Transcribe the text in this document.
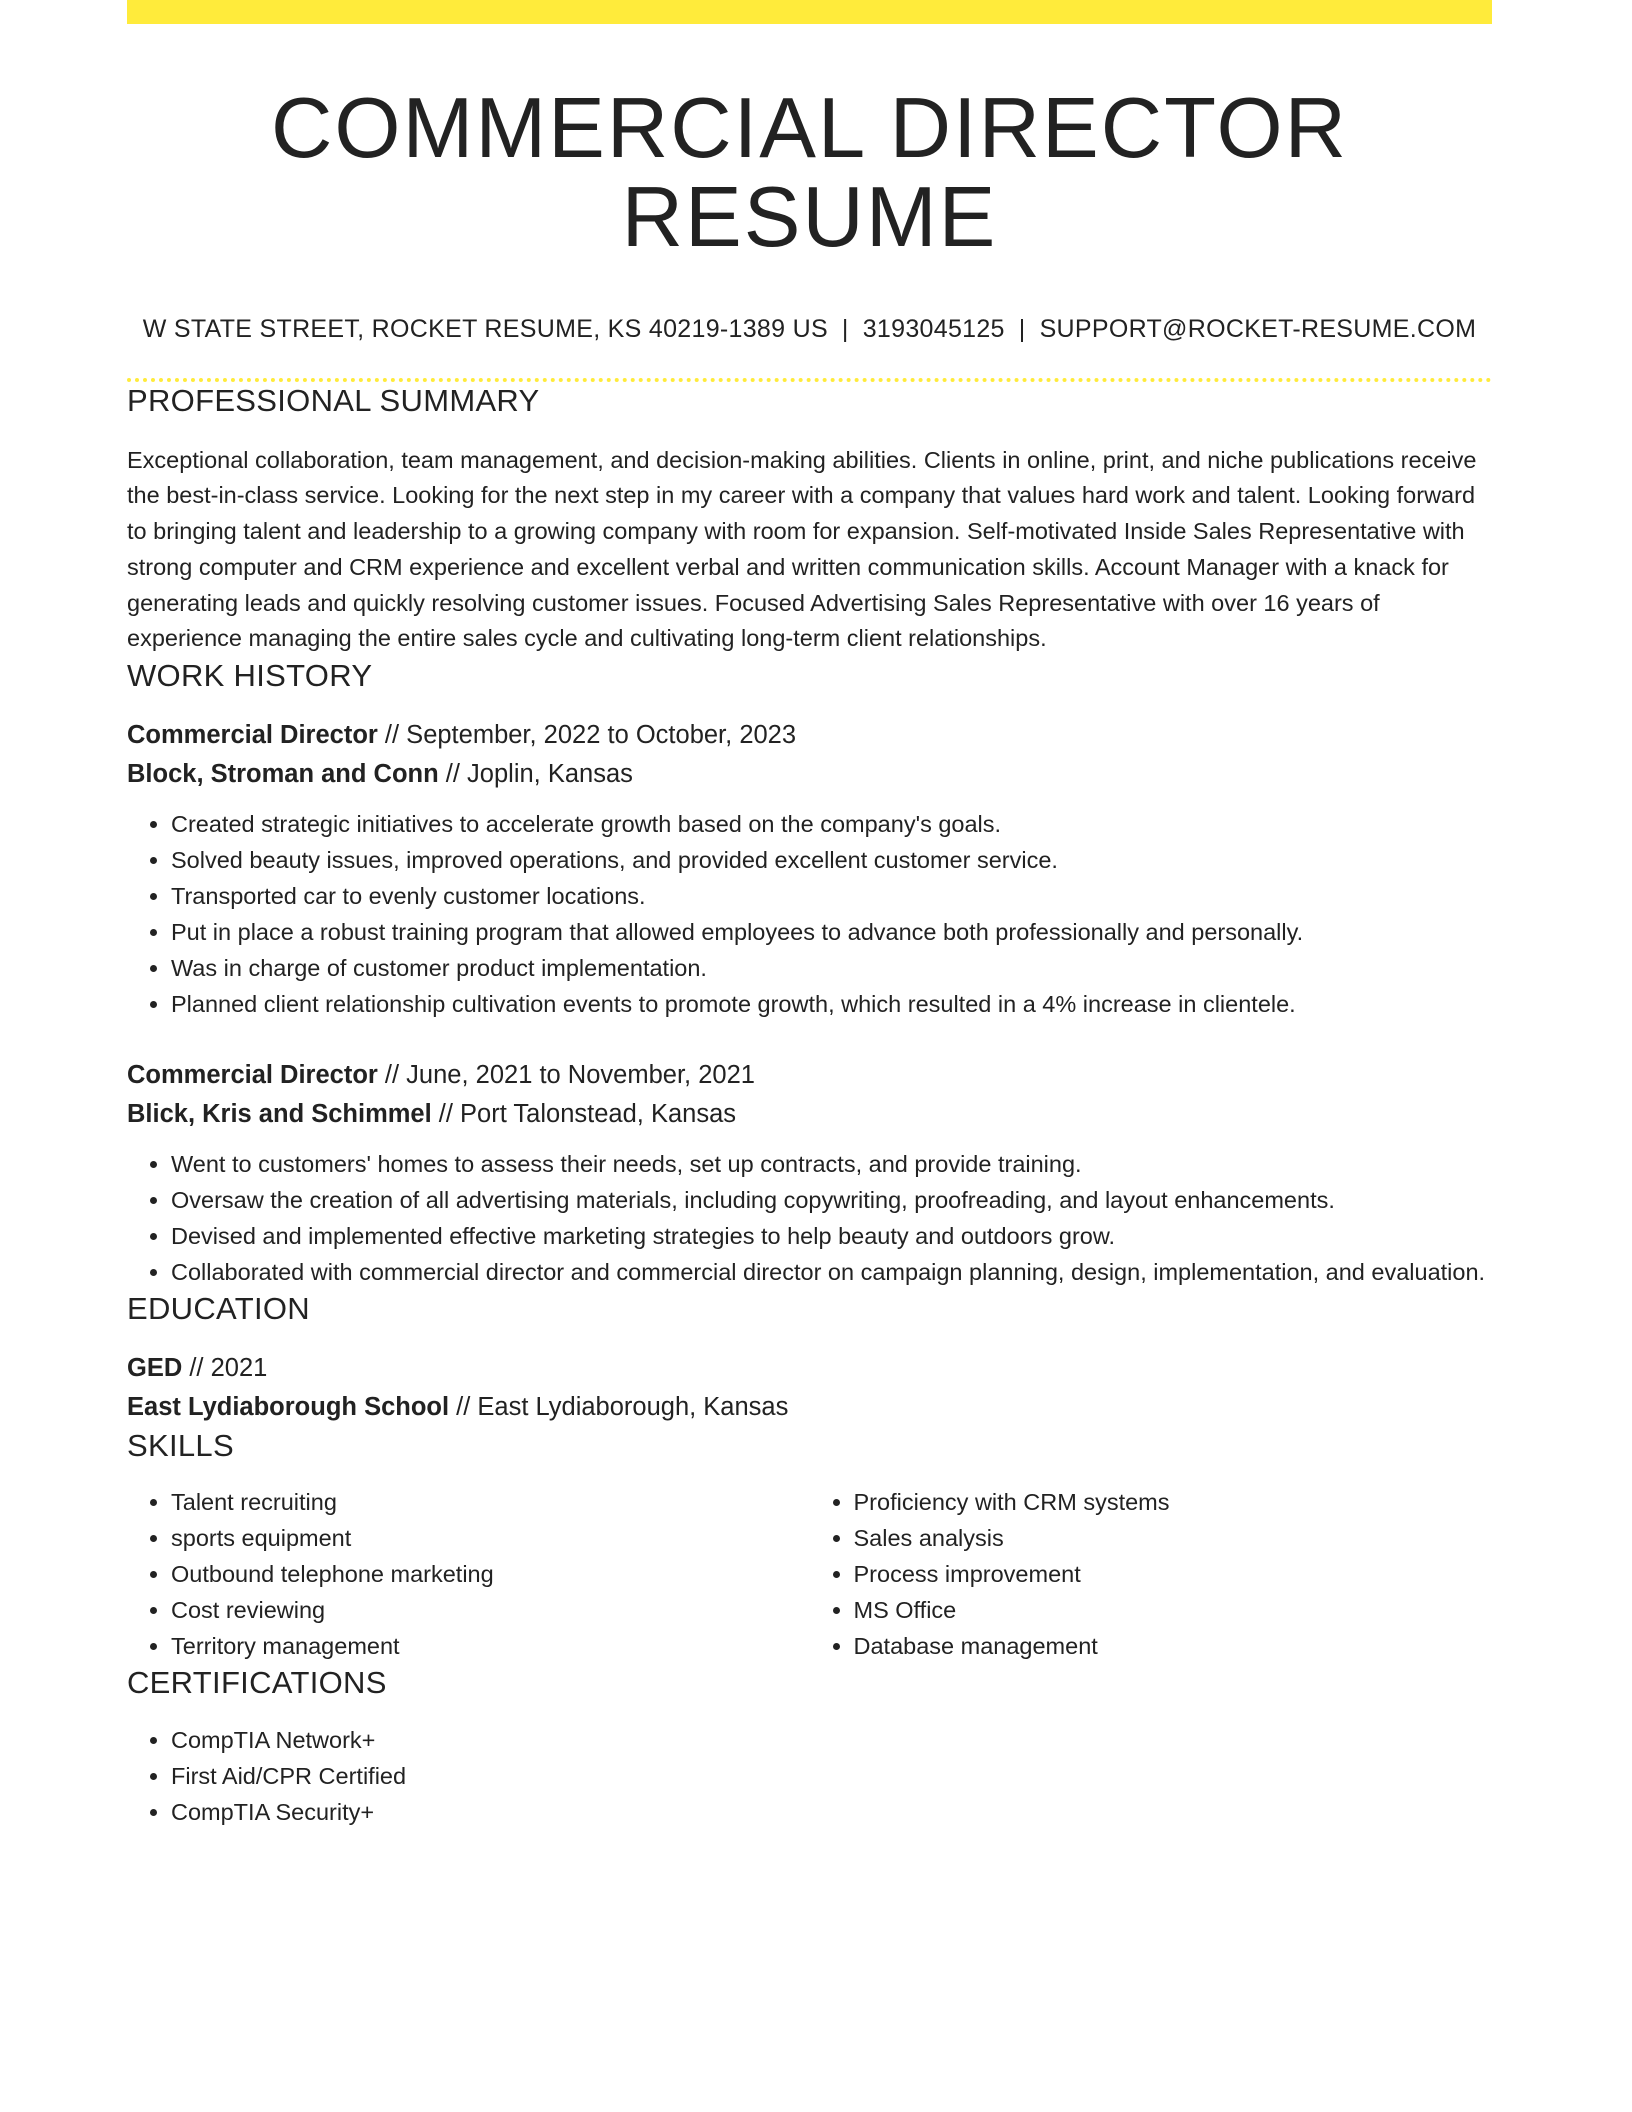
COMMERCIAL DIRECTOR RESUME
W STATE STREET, ROCKET RESUME, KS 40219-1389 US | 3193045125 | SUPPORT@ROCKET-RESUME.COM
PROFESSIONAL SUMMARY

Exceptional collaboration, team management, and decision-making abilities. Clients in online, print, and niche publications receive the best-in-class service. Looking for the next step in my career with a company that values hard work and talent. Looking forward to bringing talent and leadership to a growing company with room for expansion. Self-motivated Inside Sales Representative with strong computer and CRM experience and excellent verbal and written communication skills. Account Manager with a knack for generating leads and quickly resolving customer issues. Focused Advertising Sales Representative with over 16 years of experience managing the entire sales cycle and cultivating long-term client relationships.

WORK HISTORY
Commercial Director // September, 2022 to October, 2023
Block, Stroman and Conn // Joplin, Kansas
• Created strategic initiatives to accelerate growth based on the company's goals.
• Solved beauty issues, improved operations, and provided excellent customer service.
• Transported car to evenly customer locations.
• Put in place a robust training program that allowed employees to advance both professionally and personally.
• Was in charge of customer product implementation.
• Planned client relationship cultivation events to promote growth, which resulted in a 4% increase in clientele.
Commercial Director // June, 2021 to November, 2021
Blick, Kris and Schimmel // Port Talonstead, Kansas
• Went to customers' homes to assess their needs, set up contracts, and provide training.
• Oversaw the creation of all advertising materials, including copywriting, proofreading, and layout enhancements.
• Devised and implemented effective marketing strategies to help beauty and outdoors grow.
• Collaborated with commercial director and commercial director on campaign planning, design, implementation, and evaluation.
EDUCATION
GED // 2021
East Lydiaborough School // East Lydiaborough, Kansas
SKILLS
• Talent recruiting
• sports equipment
• Outbound telephone marketing
• Cost reviewing
• Territory management
• Proficiency with CRM systems
• Sales analysis
• Process improvement
• MS Office
• Database management
CERTIFICATIONS
• CompTIA Network+
• First Aid/CPR Certified
• CompTIA Security+
